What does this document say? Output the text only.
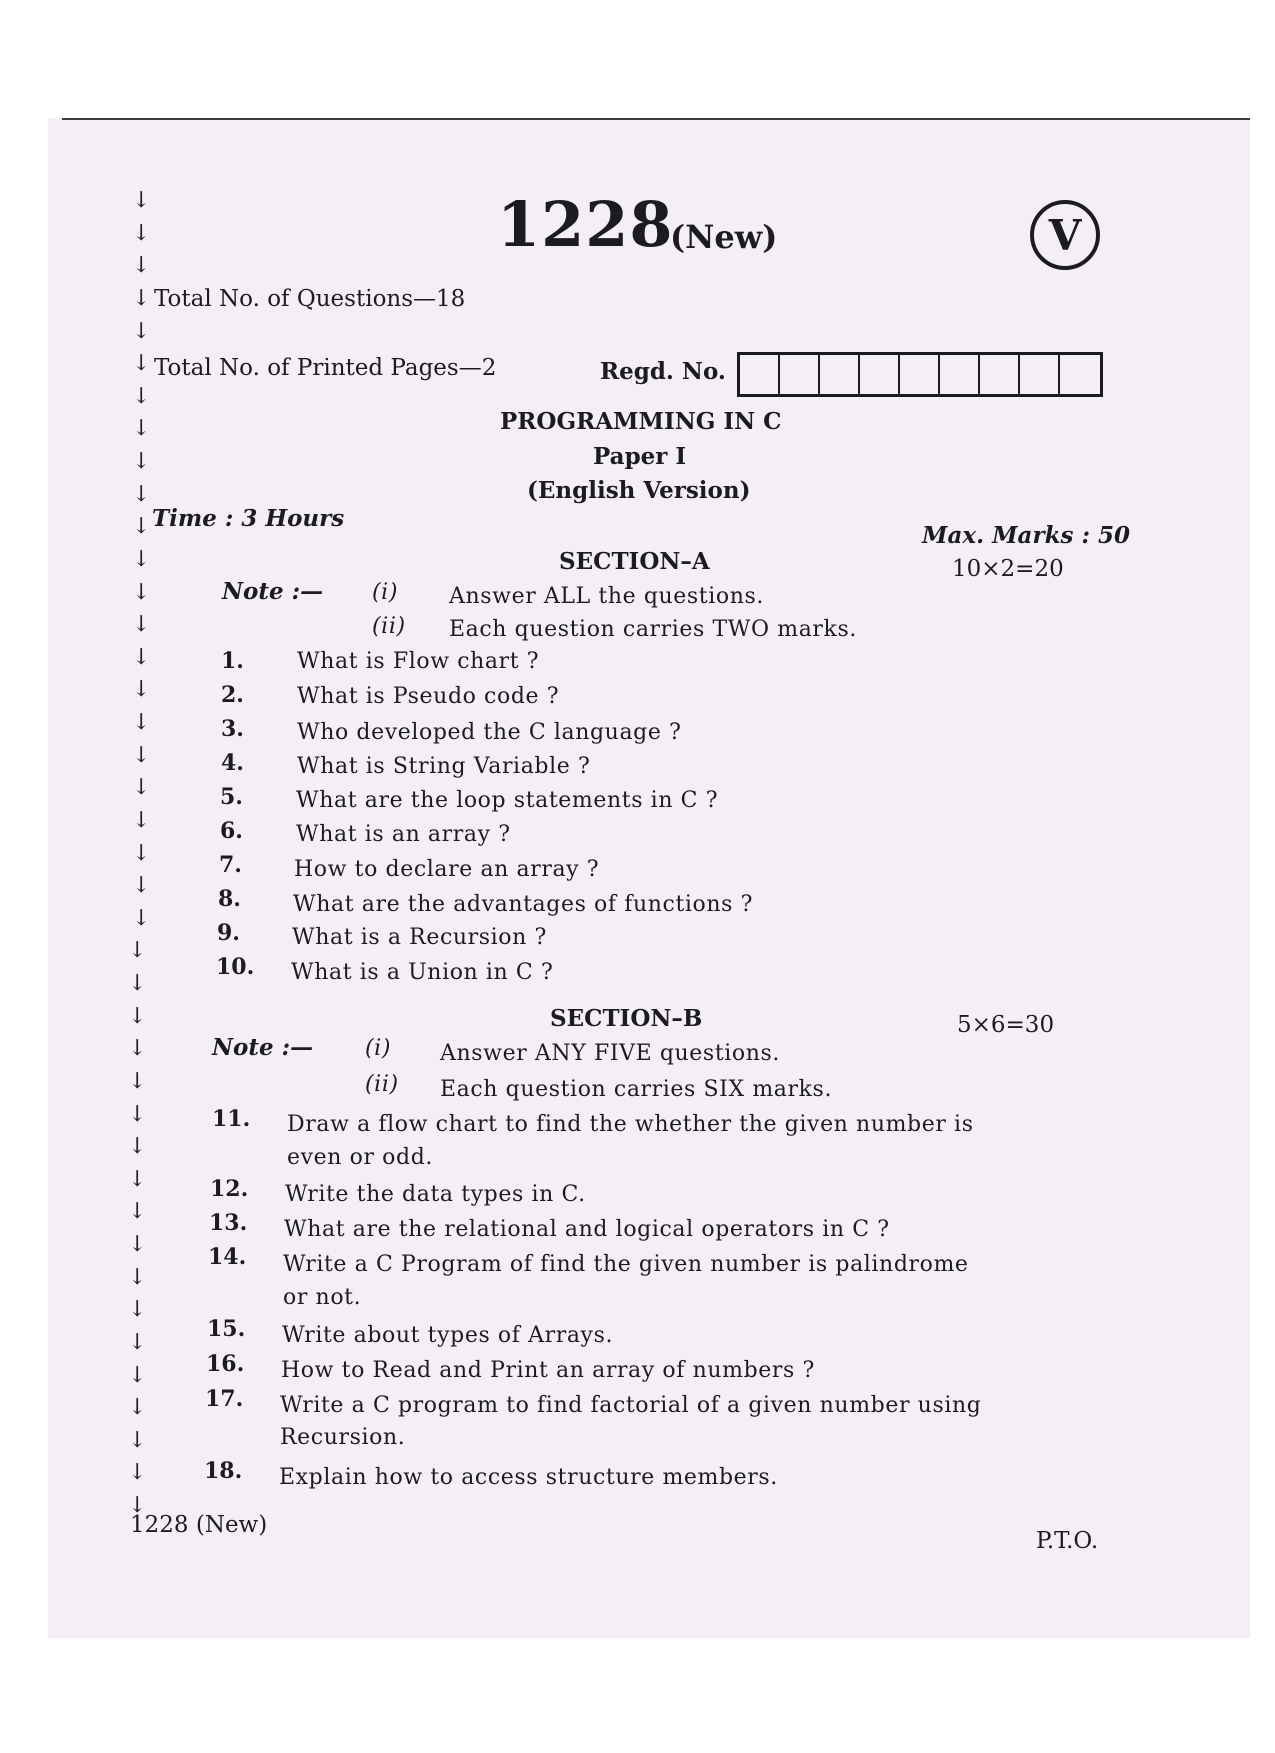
↓
↓
↓
↓
↓
↓
↓
↓
↓
↓
↓
↓
↓
↓
↓
↓
↓
↓
↓
↓
↓
↓
↓
↓
↓
↓
↓
↓
↓
↓
↓
↓
↓
↓
↓
↓
↓
↓
↓
↓
↓
1228
(New)	V
Total No. of Questions—18
Total No. of Printed Pages—2	Regd. No.
PROGRAMMING IN C
Paper I
(English Version)
Time : 3 Hours
Max. Marks : 50
SECTION–A	10×2=20
Note :— (i) Answer ALL the questions.
(ii) Each question carries TWO marks.
1. What is Flow chart ?
2. What is Pseudo code ?
3. Who developed the C language ?
4. What is String Variable ?
5. What are the loop statements in C ?
6. What is an array ?
7. How to declare an array ?
8. What are the advantages of functions ?
9. What is a Recursion ?
10. What is a Union in C ?
SECTION–B	5×6=30
Note :— (i) Answer ANY FIVE questions.
(ii) Each question carries SIX marks.
11. Draw a flow chart to find the whether the given number is
even or odd.
12. Write the data types in C.
13. What are the relational and logical operators in C ?
14. Write a C Program of find the given number is palindrome
or not.
15. Write about types of Arrays.
16. How to Read and Print an array of numbers ?
17. Write a C program to find factorial of a given number using
Recursion.
18. Explain how to access structure members.
1228 (New)
P.T.O.
